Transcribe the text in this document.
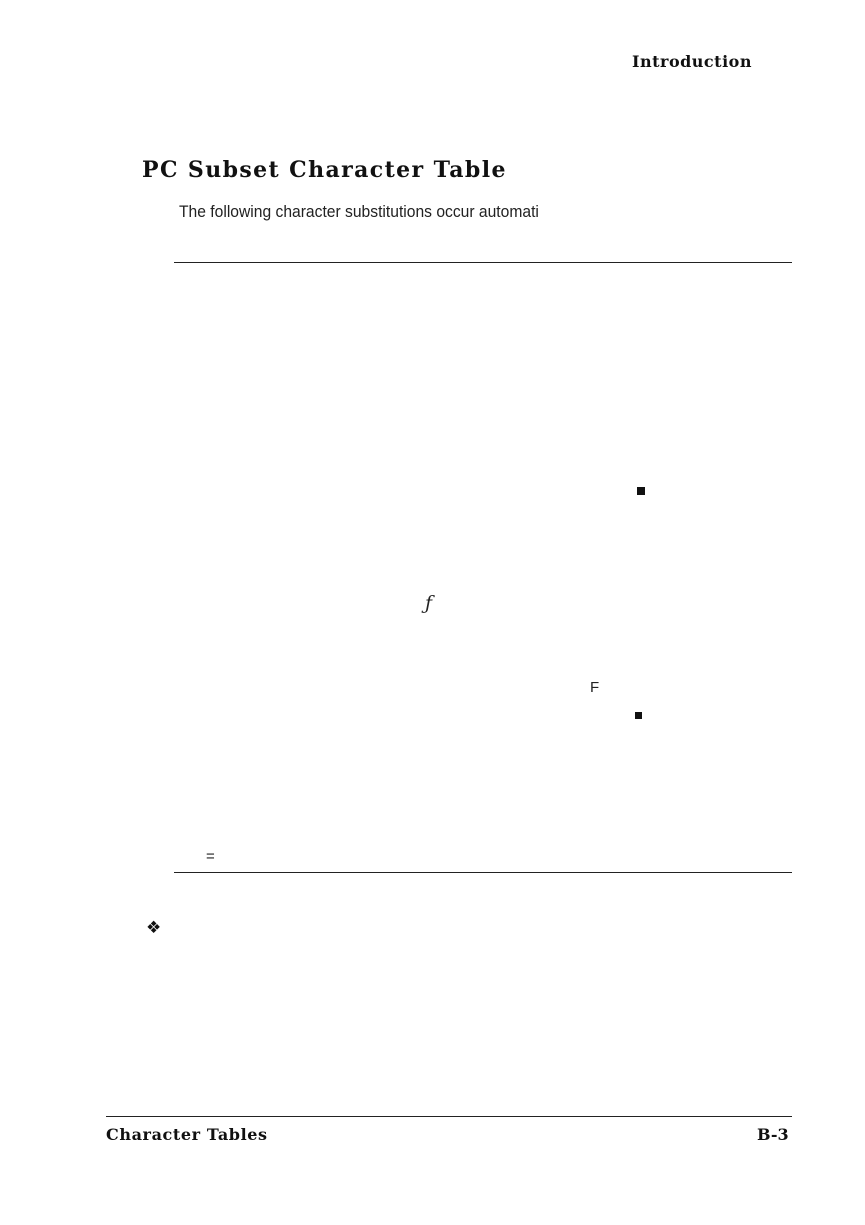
Introduction
PC Subset Character Table
The following character substitutions occur automati
ƒ
F
=
❖
Character Tables	B-3
